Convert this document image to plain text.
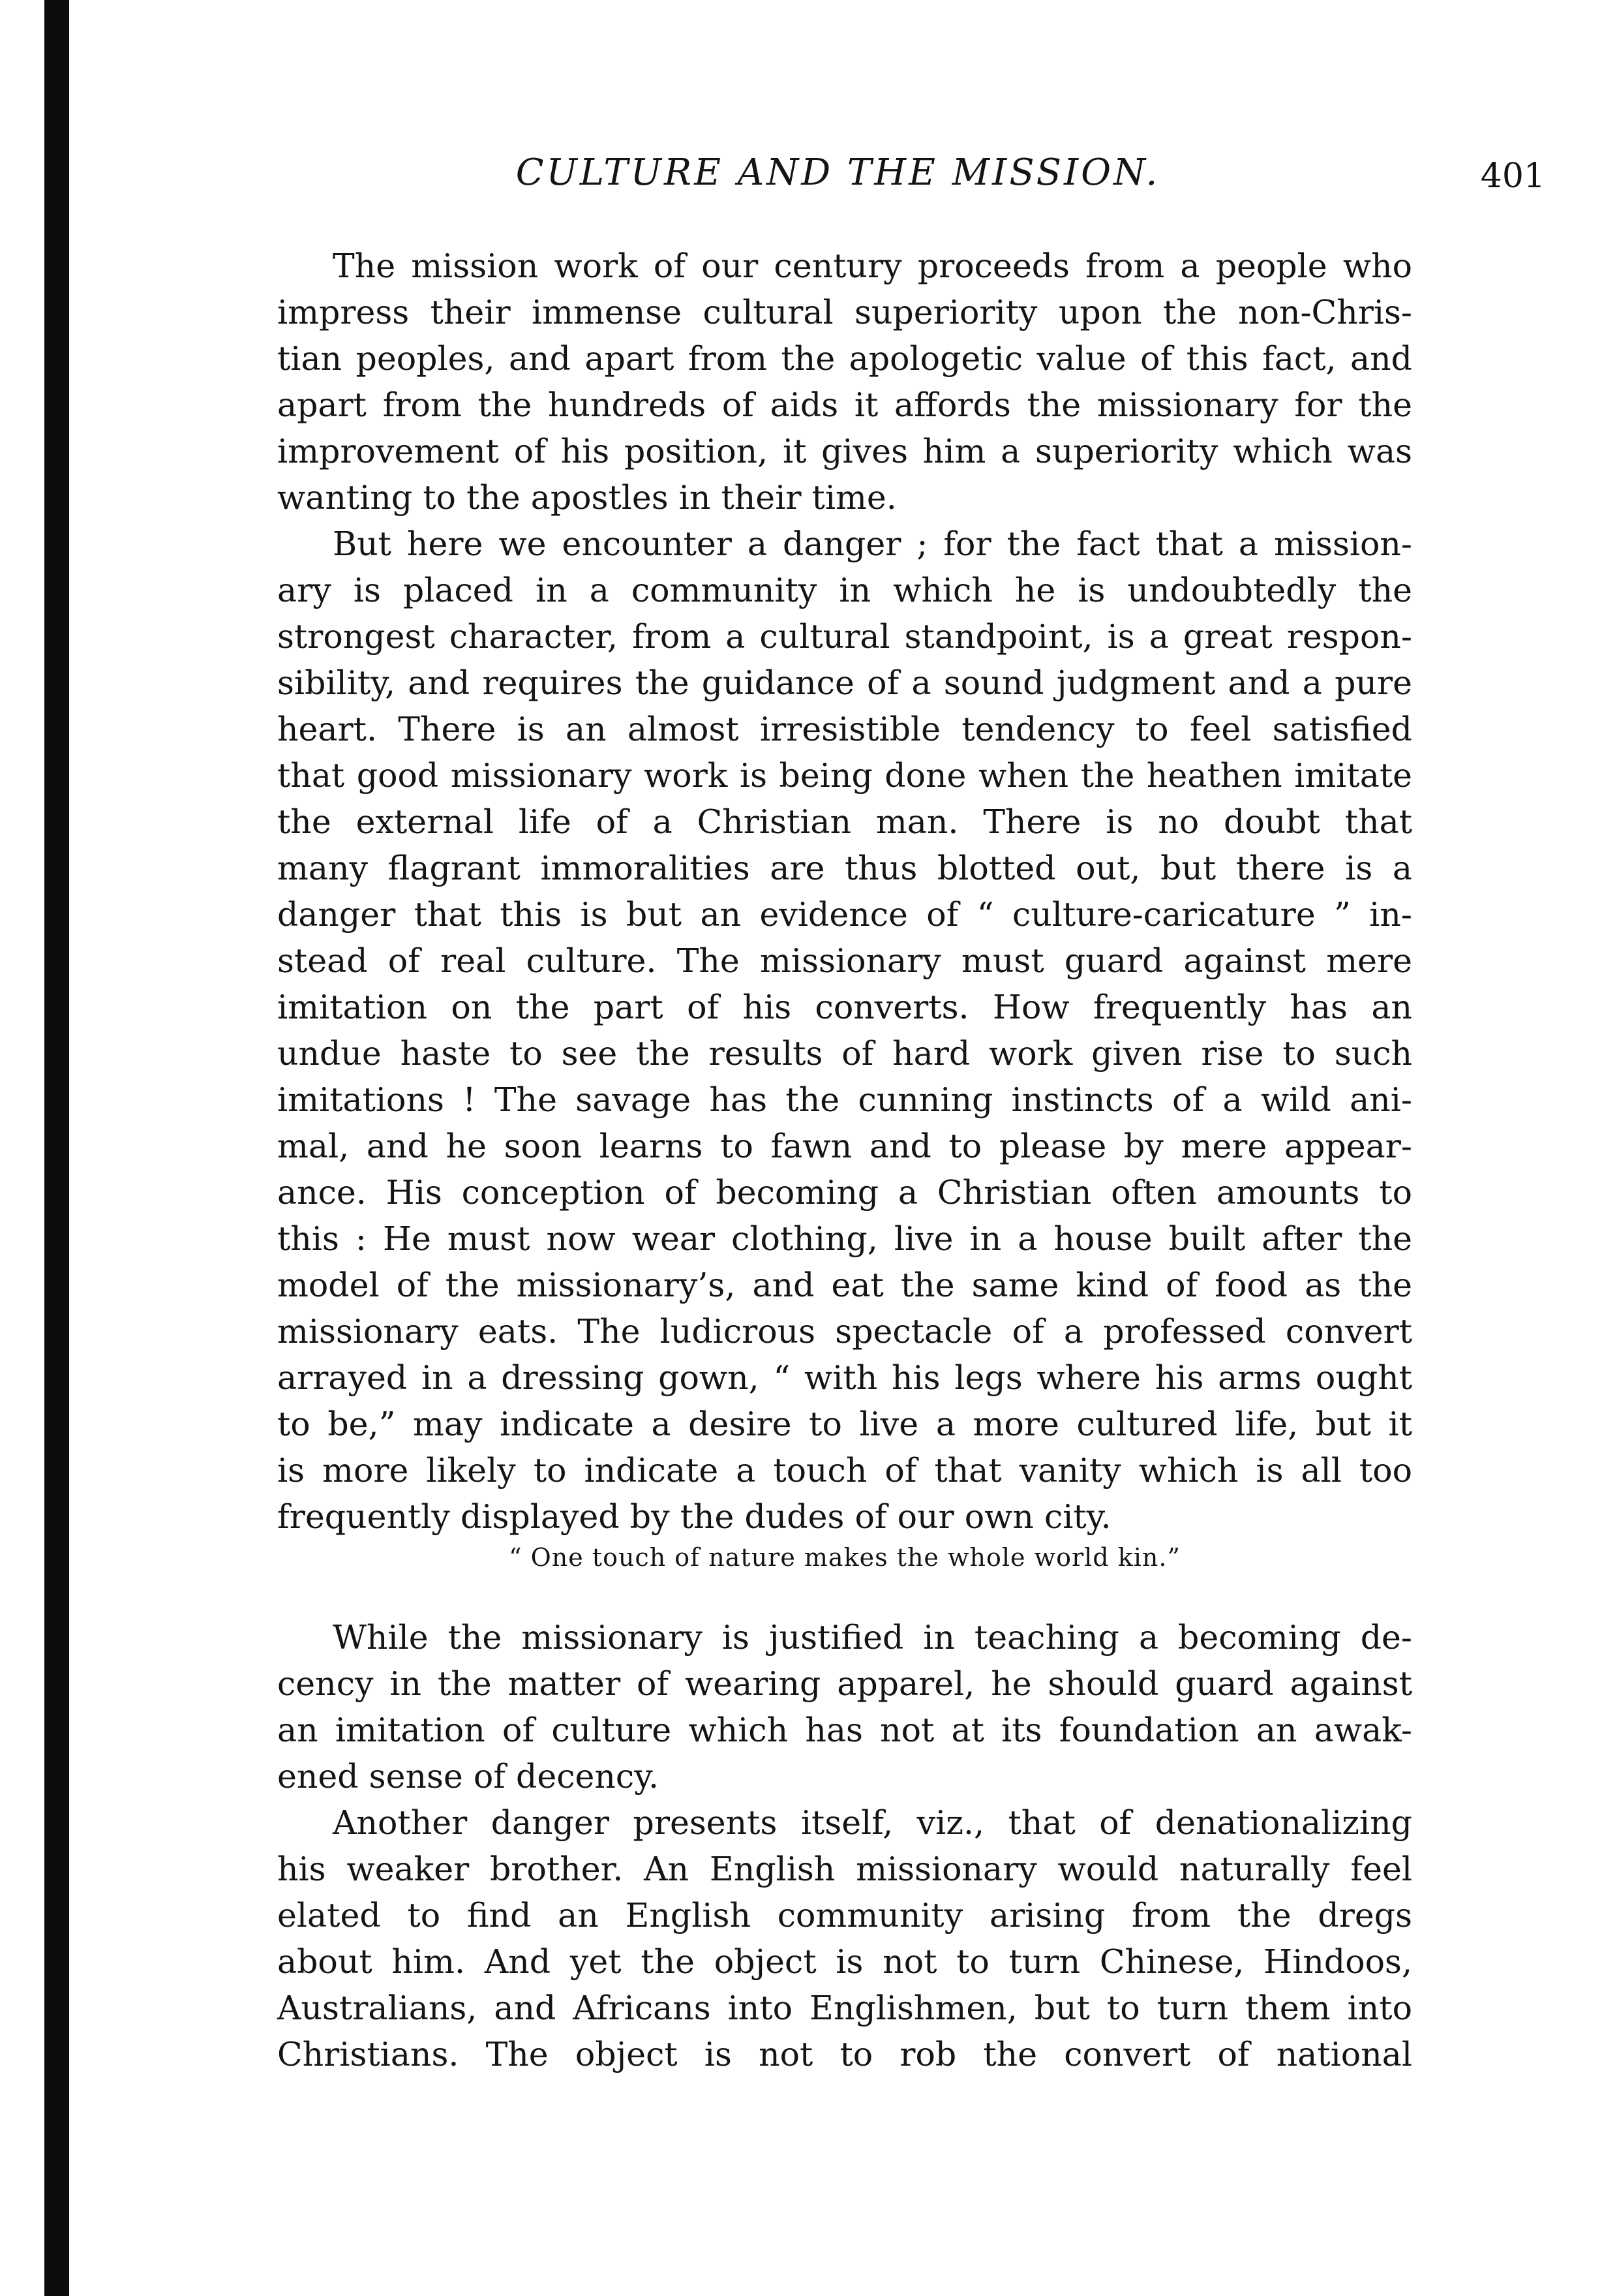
CULTURE AND THE MISSION.	401
The mission work of our century proceeds from a people who
impress their immense cultural superiority upon the non-Chris-
tian peoples, and apart from the apologetic value of this fact, and
apart from the hundreds of aids it affords the missionary for the
improvement of his position, it gives him a superiority which was
wanting to the apostles in their time.
But here we encounter a danger ; for the fact that a mission-
ary is placed in a community in which he is undoubtedly the
strongest character, from a cultural standpoint, is a great respon-
sibility, and requires the guidance of a sound judgment and a pure
heart. There is an almost irresistible tendency to feel satisfied
that good missionary work is being done when the heathen imitate
the external life of a Christian man. There is no doubt that
many flagrant immoralities are thus blotted out, but there is a
danger that this is but an evidence of “ culture-caricature ” in-
stead of real culture. The missionary must guard against mere
imitation on the part of his converts. How frequently has an
undue haste to see the results of hard work given rise to such
imitations ! The savage has the cunning instincts of a wild ani-
mal, and he soon learns to fawn and to please by mere appear-
ance. His conception of becoming a Christian often amounts to
this : He must now wear clothing, live in a house built after the
model of the missionary’s, and eat the same kind of food as the
missionary eats. The ludicrous spectacle of a professed convert
arrayed in a dressing gown, “ with his legs where his arms ought
to be,” may indicate a desire to live a more cultured life, but it
is more likely to indicate a touch of that vanity which is all too
frequently displayed by the dudes of our own city.
“ One touch of nature makes the whole world kin.”
While the missionary is justified in teaching a becoming de-
cency in the matter of wearing apparel, he should guard against
an imitation of culture which has not at its foundation an awak-
ened sense of decency.
Another danger presents itself, viz., that of denationalizing
his weaker brother. An English missionary would naturally feel
elated to find an English community arising from the dregs
about him. And yet the object is not to turn Chinese, Hindoos,
Australians, and Africans into Englishmen, but to turn them into
Christians. The object is not to rob the convert of national
